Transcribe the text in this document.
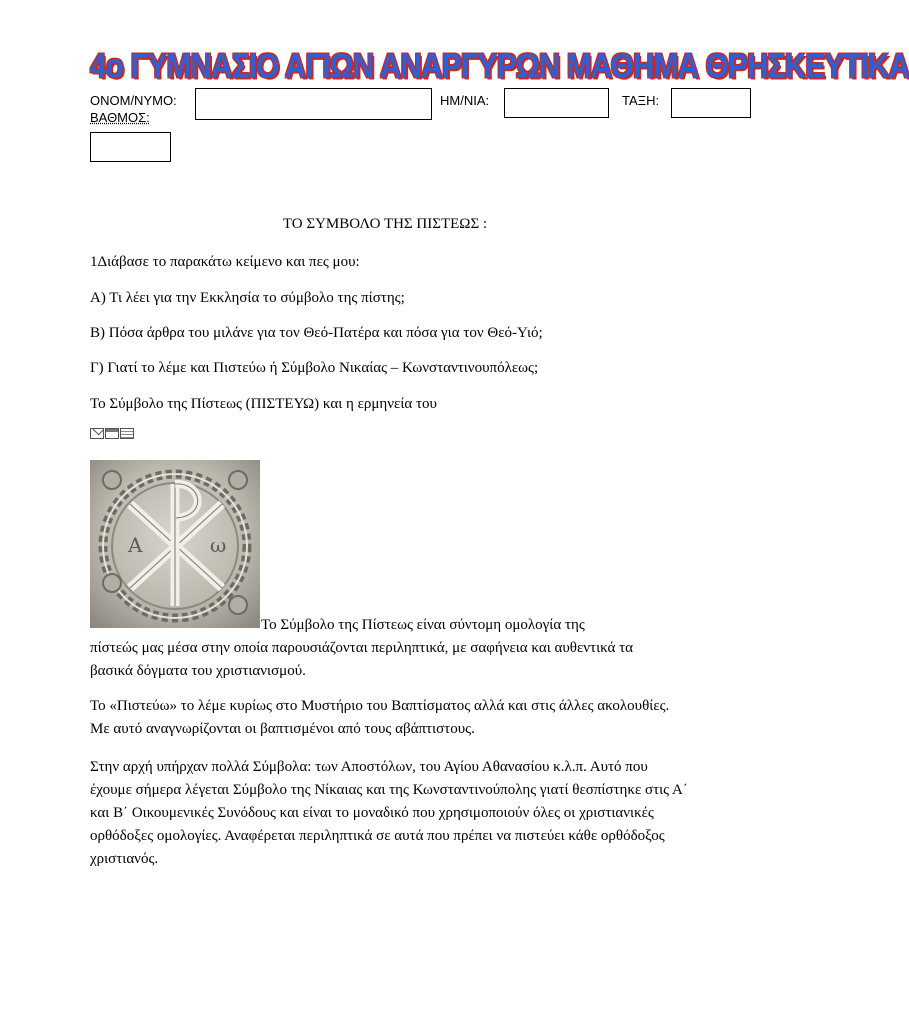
4ο ΓΥΜΝΑΣΙΟ ΑΓΙΩΝ ΑΝΑΡΓΥΡΩΝ ΜΑΘΗΜΑ ΘΡΗΣΚΕΥΤΙΚΑ
ΟΝΟΜ/ΝΥΜΟ:	ΗΜ/ΝΙΑ:	ΤΑΞΗ:
ΒΑΘΜΟΣ:
ΤΟ ΣΥΜΒΟΛΟ ΤΗΣ ΠΙΣΤΕΩΣ :
1Διάβασε το παρακάτω κείμενο και πες μου:
Α) Τι λέει για την Εκκλησία το σύμβολο της πίστης;
Β) Πόσα άρθρα του μιλάνε για τον Θεό-Πατέρα και πόσα για τον Θεό-Υιό;
Γ) Γιατί το λέμε και Πιστεύω ή Σύμβολο Νικαίας – Κωνσταντινουπόλεως;
Το Σύμβολο της Πίστεως (ΠΙΣΤΕΥΩ) και η ερμηνεία του
A	ω
Το Σύμβολο της Πίστεως είναι σύντομη ομολογία της
πίστεώς μας μέσα στην οποία παρουσιάζονται περιληπτικά, με σαφήνεια και αυθεντικά τα βασικά δόγματα του χριστιανισμού.
Το «Πιστεύω» το λέμε κυρίως στο Μυστήριο του Βαπτίσματος αλλά και στις άλλες ακολουθίες. Με αυτό αναγνωρίζονται οι βαπτισμένοι από τους αβάπτιστους.
Στην αρχή υπήρχαν πολλά Σύμβολα: των Αποστόλων, του Αγίου Αθανασίου κ.λ.π. Αυτό που έχουμε σήμερα λέγεται Σύμβολο της Νίκαιας και της Κωνσταντινούπολης γιατί θεσπίστηκε στις Α΄ και Β΄ Οικουμενικές Συνόδους και είναι το μοναδικό που χρησιμοποιούν όλες οι χριστιανικές ορθόδοξες ομολογίες. Αναφέρεται περιληπτικά σε αυτά που πρέπει να πιστεύει κάθε ορθόδοξος χριστιανός.
